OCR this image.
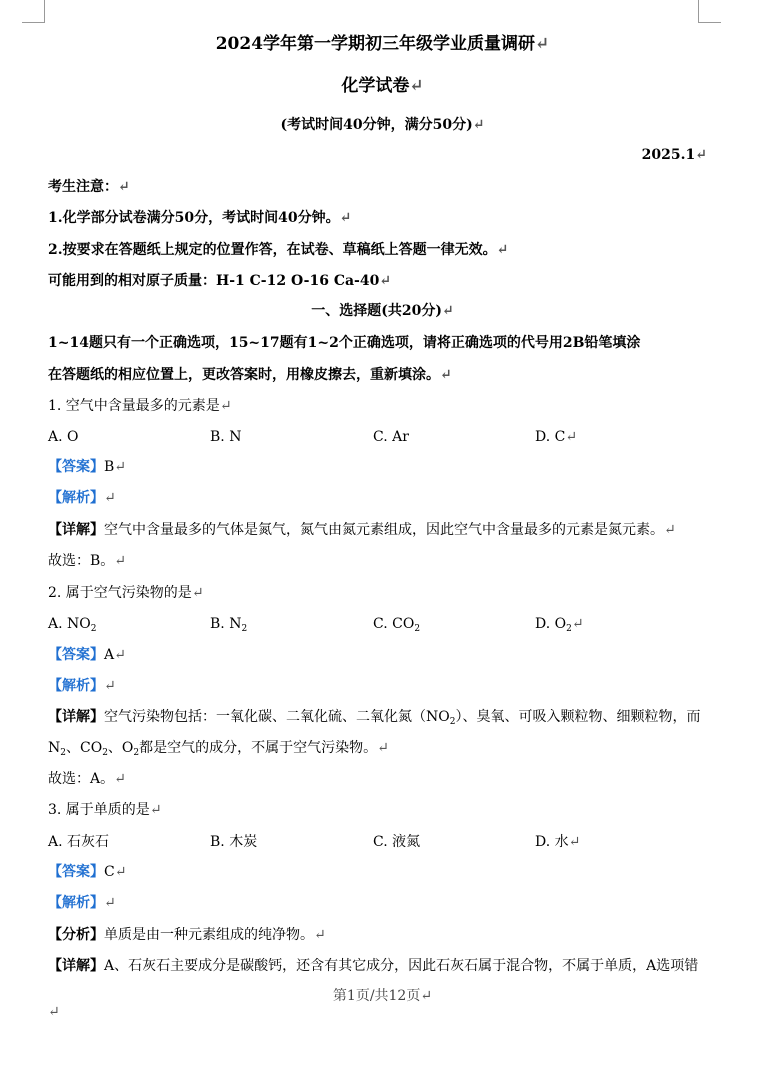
2024学年第一学期初三年级学业质量调研↵
化学试卷↵
(考试时间40分钟，满分50分)↵
2025.1↵
考生注意：↵
1.化学部分试卷满分50分，考试时间40分钟。↵
2.按要求在答题纸上规定的位置作答，在试卷、草稿纸上答题一律无效。↵
可能用到的相对原子质量：H-1 C-12 O-16 Ca-40↵
一、选择题(共20分)↵
1~14题只有一个正确选项，15~17题有1~2个正确选项，请将正确选项的代号用2B铅笔填涂
在答题纸的相应位置上，更改答案时，用橡皮擦去，重新填涂。↵
1. 空气中含量最多的元素是↵
A. O	B. N	C. Ar	D. C↵
【答案】B↵
【解析】↵
【详解】空气中含量最多的气体是氮气，氮气由氮元素组成，因此空气中含量最多的元素是氮元素。↵
故选：B。↵
2. 属于空气污染物的是↵
A. $NO_2$	B. $N_2$	C. $CO_2$	D. $O_2↵$
【答案】A↵
【解析】↵
【详解】空气污染物包括：一氧化碳、二氧化硫、二氧化氮$(NO_2)$、臭氧、可吸入颗粒物、细颗粒物，而
$N_2$、$CO_2$、$O_2$都是空气的成分，不属于空气污染物。↵
故选：A。↵
3. 属于单质的是↵
A. 石灰石	B. 木炭	C. 液氮	D. 水↵
【答案】C↵
【解析】↵
【分析】单质是由一种元素组成的纯净物。↵
【详解】A、石灰石主要成分是碳酸钙，还含有其它成分，因此石灰石属于混合物，不属于单质，A选项错
第1页/共12页↵
↵
